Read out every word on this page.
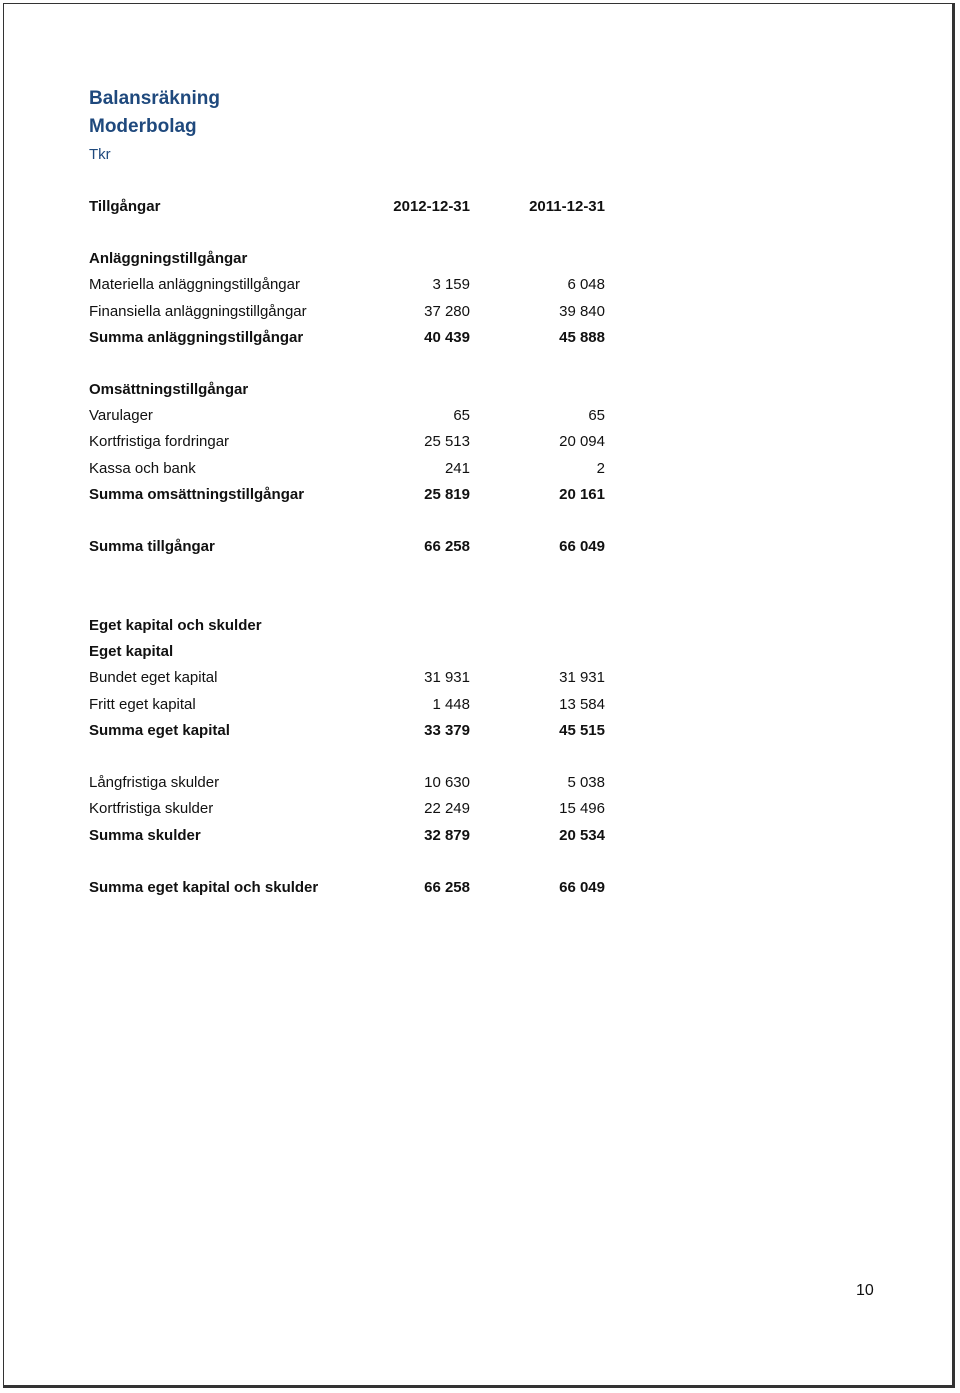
Balansräkning
Moderbolag
Tkr
Tillgångar	2012-12-31	2011-12-31
Anläggningstillgångar
Materiella anläggningstillgångar	3 159	6 048
Finansiella anläggningstillgångar	37 280	39 840
Summa anläggningstillgångar	40 439	45 888
Omsättningstillgångar
Varulager	65	65
Kortfristiga fordringar	25 513	20 094
Kassa och bank	241	2
Summa omsättningstillgångar	25 819	20 161
Summa tillgångar	66 258	66 049
Eget kapital och skulder
Eget kapital
Bundet eget kapital	31 931	31 931
Fritt eget kapital	1 448	13 584
Summa eget kapital	33 379	45 515
Långfristiga skulder	10 630	5 038
Kortfristiga skulder	22 249	15 496
Summa skulder	32 879	20 534
Summa eget kapital och skulder	66 258	66 049
10
